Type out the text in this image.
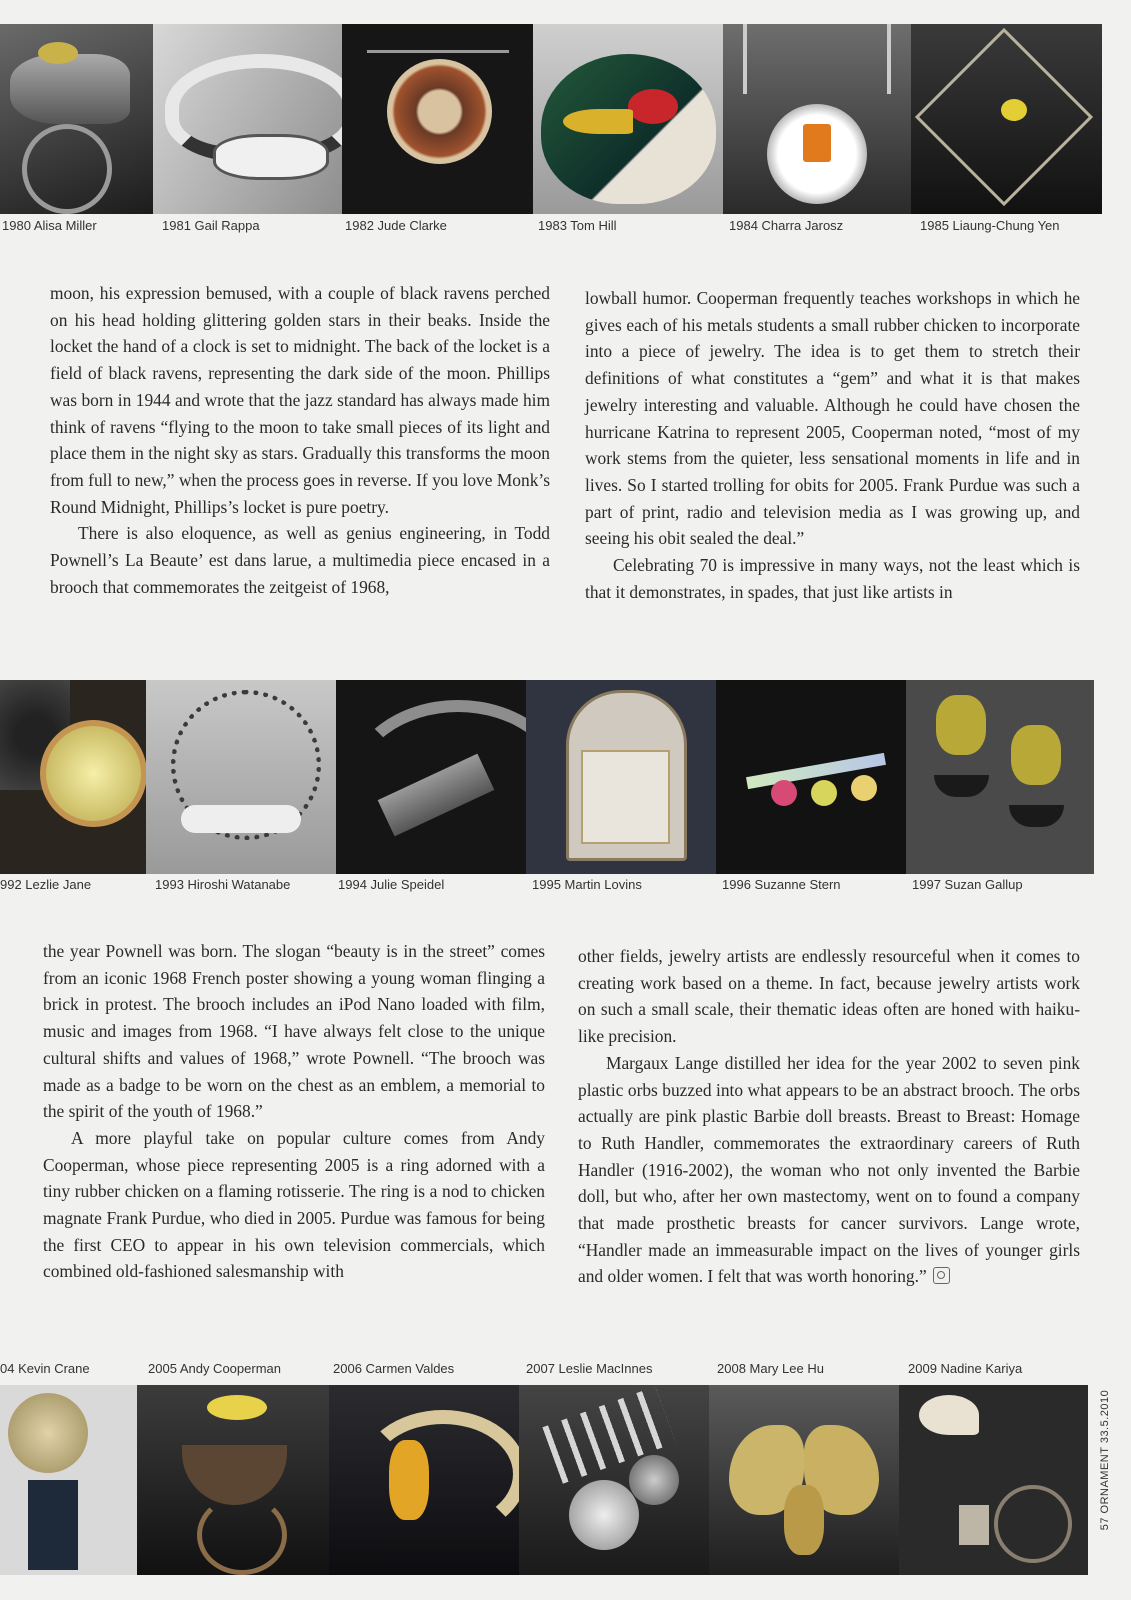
1980 Alisa Miller	1981 Gail Rappa	1982 Jude Clarke	1983 Tom Hill	1984 Charra Jarosz	1985 Liaung-Chung Yen

moon, his expression bemused, with a couple of black ravens perched on his head holding glittering golden stars in their beaks. Inside the locket the hand of a clock is set to midnight. The back of the locket is a field of black ravens, representing the dark side of the moon. Phillips was born in 1944 and wrote that the jazz standard has always made him think of ravens “flying to the moon to take small pieces of its light and place them in the night sky as stars. Gradually this transforms the moon from full to new,” when the process goes in reverse. If you love Monk’s Round Midnight, Phillips’s locket is pure poetry.

There is also eloquence, as well as genius engineering, in Todd Pownell’s La Beaute’ est dans larue, a multimedia piece encased in a brooch that commemorates the zeitgeist of 1968,

lowball humor. Cooperman frequently teaches workshops in which he gives each of his metals students a small rubber chicken to incorporate into a piece of jewelry. The idea is to get them to stretch their definitions of what constitutes a “gem” and what it is that makes jewelry interesting and valuable. Although he could have chosen the hurricane Katrina to represent 2005, Cooperman noted, “most of my work stems from the quieter, less sensational moments in life and in lives. So I started trolling for obits for 2005. Frank Purdue was such a part of print, radio and television media as I was growing up, and seeing his obit sealed the deal.”

Celebrating 70 is impressive in many ways, not the least which is that it demonstrates, in spades, that just like artists in

992 Lezlie Jane	1993 Hiroshi Watanabe	1994 Julie Speidel	1995 Martin Lovins	1996 Suzanne Stern	1997 Suzan Gallup

the year Pownell was born. The slogan “beauty is in the street” comes from an iconic 1968 French poster showing a young woman flinging a brick in protest. The brooch includes an iPod Nano loaded with film, music and images from 1968. “I have always felt close to the unique cultural shifts and values of 1968,” wrote Pownell. “The brooch was made as a badge to be worn on the chest as an emblem, a memorial to the spirit of the youth of 1968.”

A more playful take on popular culture comes from Andy Cooperman, whose piece representing 2005 is a ring adorned with a tiny rubber chicken on a flaming rotisserie. The ring is a nod to chicken magnate Frank Purdue, who died in 2005. Purdue was famous for being the first CEO to appear in his own television commercials, which combined old-fashioned salesmanship with

other fields, jewelry artists are endlessly resourceful when it comes to creating work based on a theme. In fact, because jewelry artists work on such a small scale, their thematic ideas often are honed with haiku-like precision.

Margaux Lange distilled her idea for the year 2002 to seven pink plastic orbs buzzed into what appears to be an abstract brooch. The orbs actually are pink plastic Barbie doll breasts. Breast to Breast: Homage to Ruth Handler, commemorates the extraordinary careers of Ruth Handler (1916-2002), the woman who not only invented the Barbie doll, but who, after her own mastectomy, went on to found a company that made prosthetic breasts for cancer survivors. Lange wrote, “Handler made an immeasurable impact on the lives of younger girls and older women. I felt that was worth honoring.”

04 Kevin Crane	2005 Andy Cooperman	2006 Carmen Valdes	2007 Leslie MacInnes	2008 Mary Lee Hu	2009 Nadine Kariya
57 ORNAMENT 33.5.2010
